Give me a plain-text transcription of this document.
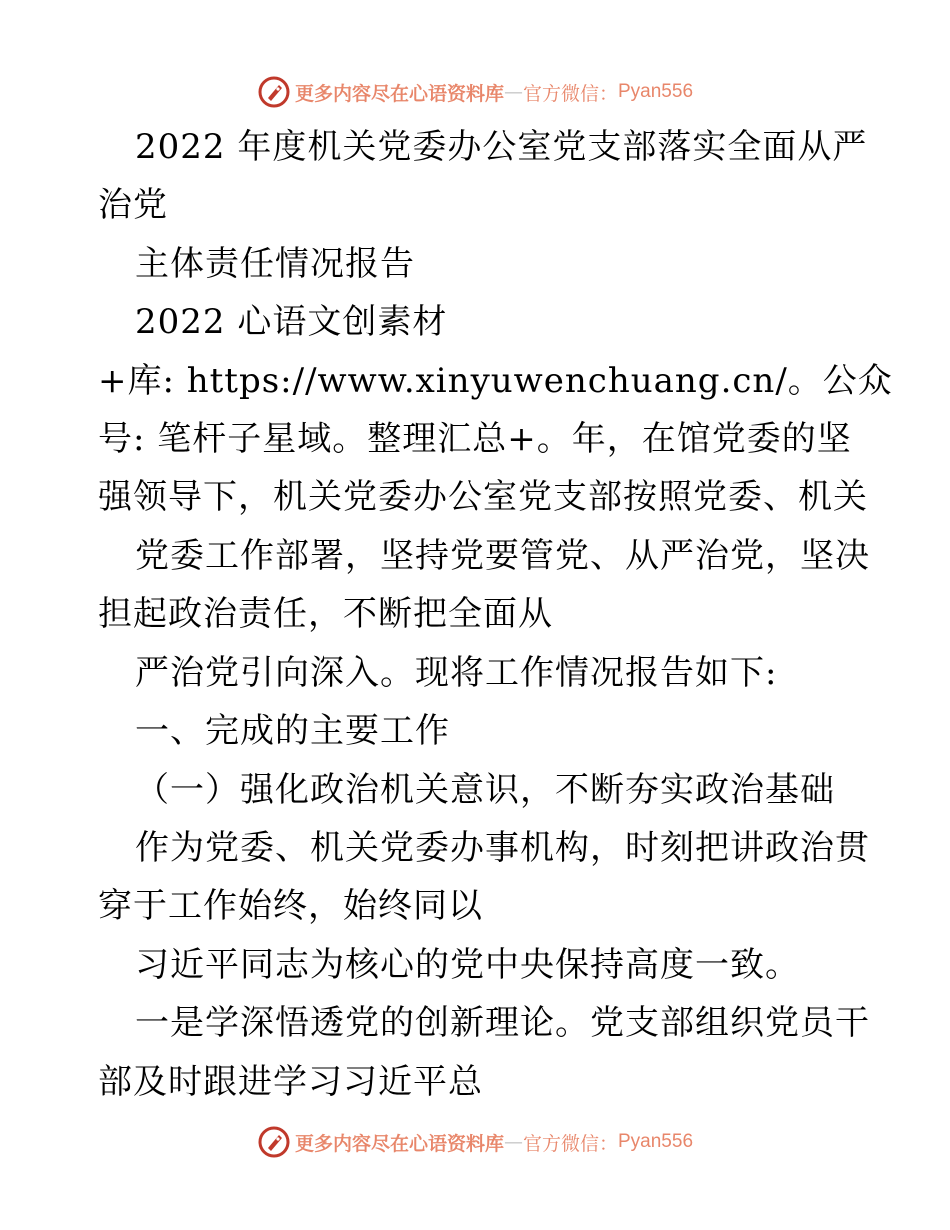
更多内容尽在心语资料库 — 官方微信： Pyan556
2022 年度机关党委办公室党支部落实全面从严
治党
主体责任情况报告
2022 心语文创素材
+库: https://www.xinyuwenchuang.cn/。公众
号: 笔杆子星域。整理汇总+。年，在馆党委的坚
强领导下，机关党委办公室党支部按照党委、机关
党委工作部署，坚持党要管党、从严治党，坚决
担起政治责任，不断把全面从
严治党引向深入。现将工作情况报告如下:
一、完成的主要工作
（一）强化政治机关意识，不断夯实政治基础
作为党委、机关党委办事机构，时刻把讲政治贯
穿于工作始终，始终同以
习近平同志为核心的党中央保持高度一致。
一是学深悟透党的创新理论。党支部组织党员干
部及时跟进学习习近平总
更多内容尽在心语资料库 — 官方微信： Pyan556
